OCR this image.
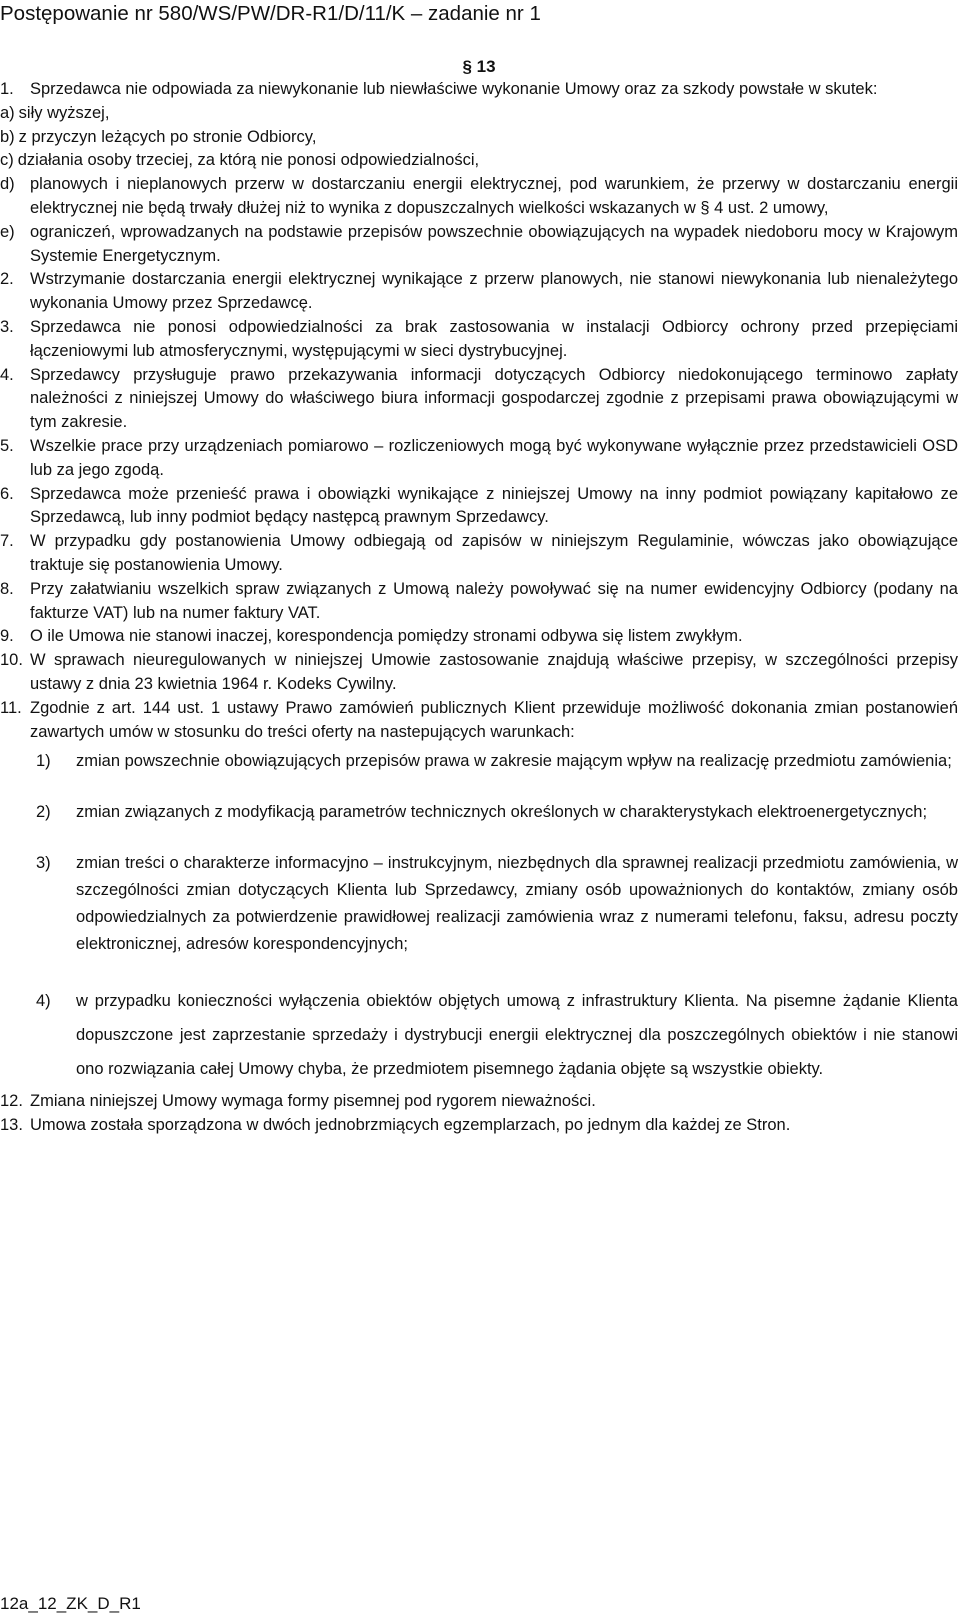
Postępowanie nr 580/WS/PW/DR-R1/D/11/K – zadanie nr 1
§ 13
1. Sprzedawca nie odpowiada za niewykonanie lub niewłaściwe wykonanie Umowy oraz za szkody powstałe w skutek:
a) siły wyższej,
b) z przyczyn leżących po stronie Odbiorcy,
c) działania osoby trzeciej, za którą nie ponosi odpowiedzialności,
d) planowych i nieplanowych przerw w dostarczaniu energii elektrycznej, pod warunkiem, że przerwy w dostarczaniu energii elektrycznej nie będą trwały dłużej niż to wynika z dopuszczalnych wielkości wskazanych w § 4 ust. 2 umowy,
e) ograniczeń, wprowadzanych na podstawie przepisów powszechnie obowiązujących na wypadek niedoboru mocy w Krajowym Systemie Energetycznym.
2. Wstrzymanie dostarczania energii elektrycznej wynikające z przerw planowych, nie stanowi niewykonania lub nienależytego wykonania Umowy przez Sprzedawcę.
3. Sprzedawca nie ponosi odpowiedzialności za brak zastosowania w instalacji Odbiorcy ochrony przed przepięciami łączeniowymi lub atmosferycznymi, występującymi w sieci dystrybucyjnej.
4. Sprzedawcy przysługuje prawo przekazywania informacji dotyczących Odbiorcy niedokonującego terminowo zapłaty należności z niniejszej Umowy do właściwego biura informacji gospodarczej zgodnie z przepisami prawa obowiązującymi w tym zakresie.
5. Wszelkie prace przy urządzeniach pomiarowo – rozliczeniowych mogą być wykonywane wyłącznie przez przedstawicieli OSD lub za jego zgodą.
6. Sprzedawca może przenieść prawa i obowiązki wynikające z niniejszej Umowy na inny podmiot powiązany kapitałowo ze Sprzedawcą, lub inny podmiot będący następcą prawnym Sprzedawcy.
7. W przypadku gdy postanowienia Umowy odbiegają od zapisów w niniejszym Regulaminie, wówczas jako obowiązujące traktuje się postanowienia Umowy.
8. Przy załatwianiu wszelkich spraw związanych z Umową należy powoływać się na numer ewidencyjny Odbiorcy (podany na fakturze VAT) lub na numer faktury VAT.
9. O ile Umowa nie stanowi inaczej, korespondencja pomiędzy stronami odbywa się listem zwykłym.
10. W sprawach nieuregulowanych w niniejszej Umowie zastosowanie znajdują właściwe przepisy, w szczególności przepisy ustawy z dnia 23 kwietnia 1964 r. Kodeks Cywilny.
11. Zgodnie z art. 144 ust. 1 ustawy Prawo zamówień publicznych Klient przewiduje możliwość dokonania zmian postanowień zawartych umów w stosunku do treści oferty na nastepujących warunkach:
1)	zmian powszechnie obowiązujących przepisów prawa w zakresie mającym wpływ na realizację przedmiotu zamówienia;
2)	zmian związanych z modyfikacją parametrów technicznych określonych w charakterystykach elektroenergetycznych;
3)	zmian treści o charakterze informacyjno – instrukcyjnym, niezbędnych dla sprawnej realizacji przedmiotu zamówienia, w szczególności zmian dotyczących Klienta lub Sprzedawcy, zmiany osób upoważnionych do kontaktów, zmiany osób odpowiedzialnych za potwierdzenie prawidłowej realizacji zamówienia wraz z numerami telefonu, faksu, adresu poczty elektronicznej, adresów korespondencyjnych;
4)	w przypadku konieczności wyłączenia obiektów objętych umową z infrastruktury Klienta. Na pisemne żądanie Klienta dopuszczone jest zaprzestanie sprzedaży i dystrybucji energii elektrycznej dla poszczególnych obiektów i nie stanowi ono rozwiązania całej Umowy chyba, że przedmiotem pisemnego żądania objęte są wszystkie obiekty.
12. Zmiana niniejszej Umowy wymaga formy pisemnej pod rygorem nieważności.
13. Umowa została sporządzona w dwóch jednobrzmiących egzemplarzach, po jednym dla każdej ze Stron.
12a_12_ZK_D_R1
